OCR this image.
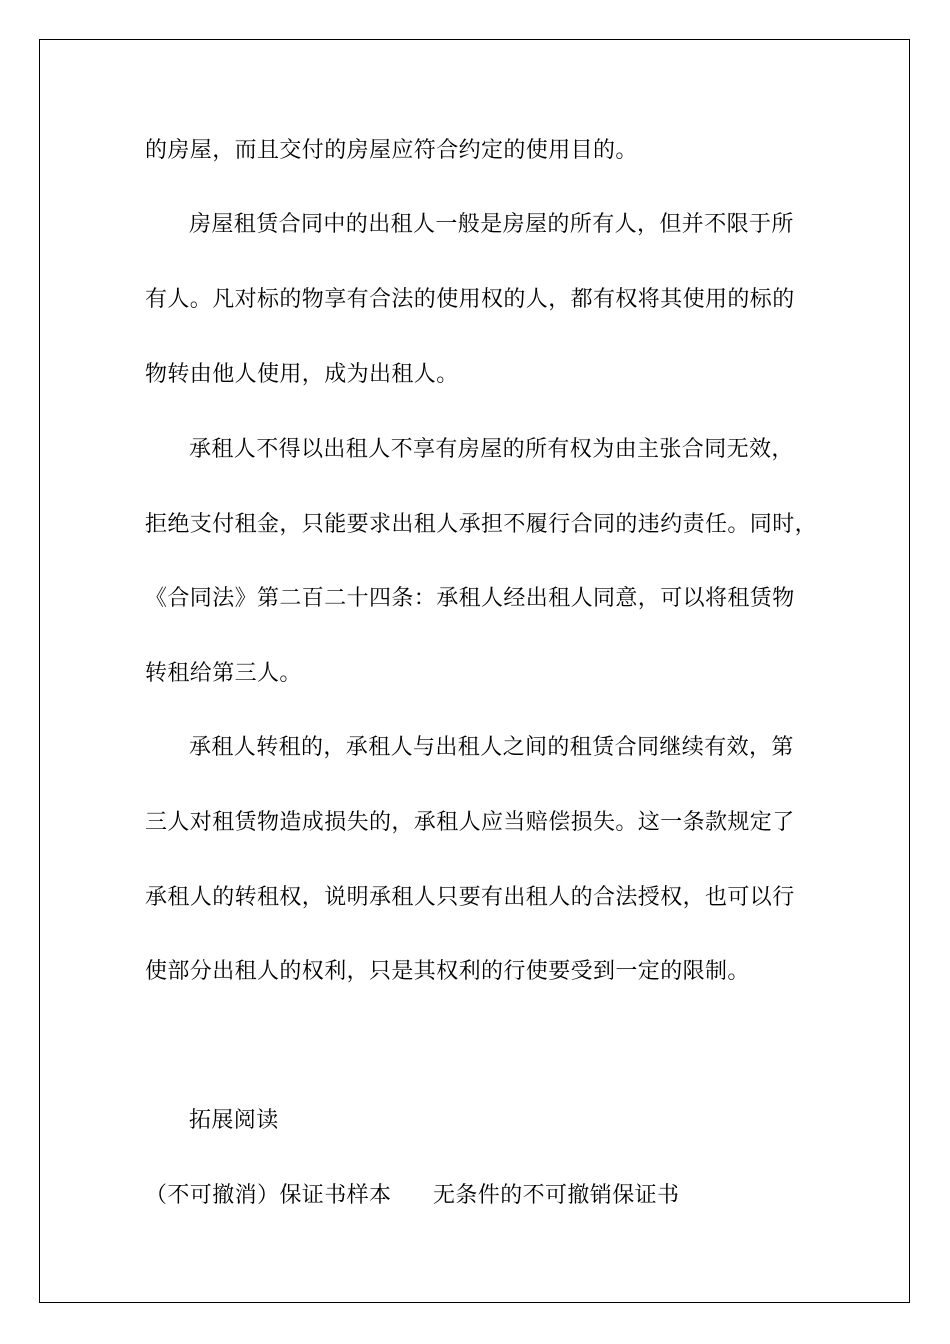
的房屋，而且交付的房屋应符合约定的使用目的。
房屋租赁合同中的出租人一般是房屋的所有人，但并不限于所
有人。凡对标的物享有合法的使用权的人，都有权将其使用的标的
物转由他人使用，成为出租人。
承租人不得以出租人不享有房屋的所有权为由主张合同无效，
拒绝支付租金，只能要求出租人承担不履行合同的违约责任。同时，
《合同法》第二百二十四条：承租人经出租人同意，可以将租赁物
转租给第三人。
承租人转租的，承租人与出租人之间的租赁合同继续有效，第
三人对租赁物造成损失的，承租人应当赔偿损失。这一条款规定了
承租人的转租权，说明承租人只要有出租人的合法授权，也可以行
使部分出租人的权利，只是其权利的行使要受到一定的限制。
拓展阅读
（不可撤消）保证书样本 无条件的不可撤销保证书
